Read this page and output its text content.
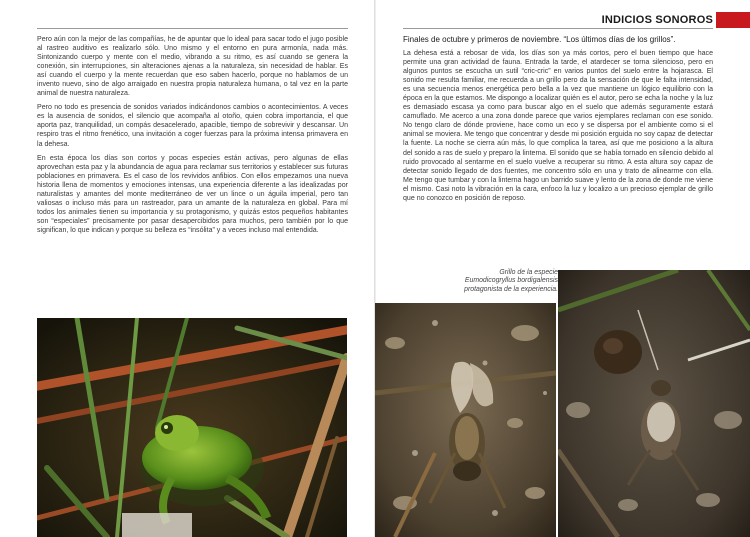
INDICIOS SONOROS

Pero aún con la mejor de las compañías, he de apuntar que lo ideal para sacar todo el jugo posible al rastreo auditivo es realizarlo sólo. Uno mismo y el entorno en pura armonía, nada más. Sintonizando cuerpo y mente con el medio, vibrando a su ritmo, es así cuando se genera la conexión, sin interrupciones, sin alteraciones ajenas a la naturaleza, sin necesidad de hablar. Es así cuando el cuerpo y la mente recuerdan que eso saben hacerlo, porque no hablamos de un invento nuevo, sino de algo arraigado en nuestra propia naturaleza humana, o tal vez en la parte animal de nuestra naturaleza.

Pero no todo es presencia de sonidos variados indicándonos cambios o acontecimientos. A veces es la ausencia de sonidos, el silencio que acompaña al otoño, quien cobra importancia, el que aporta paz, tranquilidad, un compás desacelerado, apacible, tiempo de sobrevivir y descansar. Un respiro tras el ritmo frenético, una invitación a coger fuerzas para la próxima intensa primavera en la dehesa.

En esta época los días son cortos y pocas especies están activas, pero algunas de ellas aprovechan esta paz y la abundancia de agua para reclamar sus territorios y establecer sus futuras poblaciones en primavera. Es el caso de los revividos anfibios. Con ellos empezamos una nueva historia llena de momentos y emociones intensas, una experiencia diferente a las idealizadas por naturalistas y amantes del monte mediterráneo de ver un lince o un águila imperial, pero tan valiosas o incluso más para un rastreador, para un amante de la naturaleza en global. Para mí todos los animales tienen su importancia y su protagonismo, y quizás estos pequeños habitantes son “especiales” precisamente por pasar desapercibidos para muchos, pero también por lo que significan, lo que indican y porque su belleza es “insólita” y a veces incluso mal entendida.

Finales de octubre y primeros de noviembre. “Los últimos días de los grillos”.

La dehesa está a rebosar de vida, los días son ya más cortos, pero el buen tiempo que hace permite una gran actividad de fauna. Entrada la tarde, el atardecer se torna silencioso, pero en algunos puntos se escucha un sutil “cric-cric” en varios puntos del suelo entre la hojarasca. El sonido me resulta familiar, me recuerda a un grillo pero da la sensación de que le falta intensidad, es una secuencia menos energética pero bella a la vez que mantiene un lógico equilibrio con la época en la que estamos. Me dispongo a localizar quién es el autor, pero se echa la noche y la luz es demasiado escasa ya como para buscar algo en el suelo que además seguramente estará camuflado. Me acerco a una zona donde parece que varios ejemplares reclaman con ese sonido. No tengo claro de dónde proviene, hace como un eco y se dispersa por el ambiente como si el animal se moviera. Me tengo que concentrar y desde mi posición erguida no soy capaz de detectar la fuente. La noche se cierra aún más, lo que complica la tarea, así que me posiciono a la altura del sonido a ras de suelo y preparo la linterna. El sonido que se había tornado en silencio debido al ruido provocado al sentarme en el suelo vuelve a recuperar su ritmo. A esta altura soy capaz de detectar sonido llegado de dos fuentes, me concentro sólo en una y trato de alinearme con ella. Me tengo que tumbar y con la linterna hago un barrido suave y lento de la zona de donde me viene el mismo. Casi noto la vibración en la cara, enfoco la luz y localizo a un precioso ejemplar de grillo que no conozco en posición de reposo.

Grillo de la especie
Eumodicogryllus bordigalensis
protagonista de la experiencia.
